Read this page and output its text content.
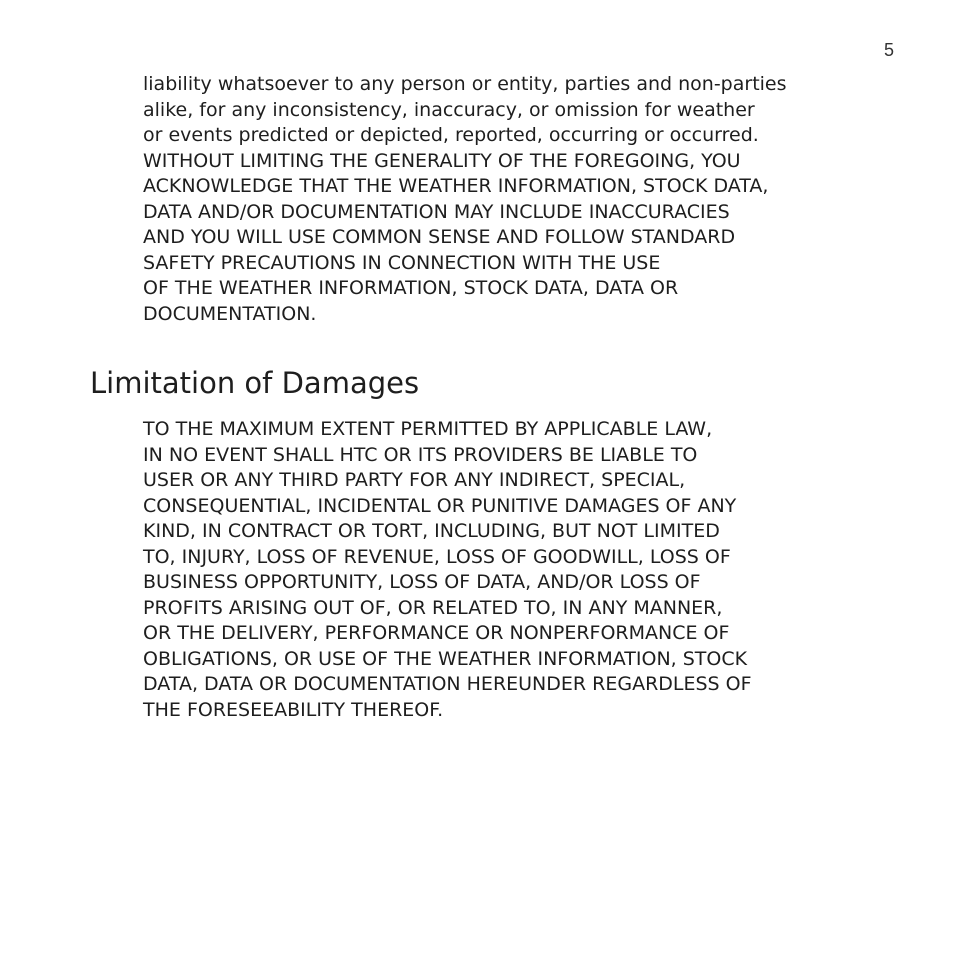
5

liability whatsoever to any person or entity, parties and non-parties
alike, for any inconsistency, inaccuracy, or omission for weather
or events predicted or depicted, reported, occurring or occurred.
WITHOUT LIMITING THE GENERALITY OF THE FOREGOING, YOU
ACKNOWLEDGE THAT THE WEATHER INFORMATION, STOCK DATA,
DATA AND/OR DOCUMENTATION MAY INCLUDE INACCURACIES
AND YOU WILL USE COMMON SENSE AND FOLLOW STANDARD
SAFETY PRECAUTIONS IN CONNECTION WITH THE USE
OF THE WEATHER INFORMATION, STOCK DATA, DATA OR
DOCUMENTATION.

Limitation of Damages

TO THE MAXIMUM EXTENT PERMITTED BY APPLICABLE LAW,
IN NO EVENT SHALL HTC OR ITS PROVIDERS BE LIABLE TO
USER OR ANY THIRD PARTY FOR ANY INDIRECT, SPECIAL,
CONSEQUENTIAL, INCIDENTAL OR PUNITIVE DAMAGES OF ANY
KIND, IN CONTRACT OR TORT, INCLUDING, BUT NOT LIMITED
TO, INJURY, LOSS OF REVENUE, LOSS OF GOODWILL, LOSS OF
BUSINESS OPPORTUNITY, LOSS OF DATA, AND/OR LOSS OF
PROFITS ARISING OUT OF, OR RELATED TO, IN ANY MANNER,
OR THE DELIVERY, PERFORMANCE OR NONPERFORMANCE OF
OBLIGATIONS, OR USE OF THE WEATHER INFORMATION, STOCK
DATA, DATA OR DOCUMENTATION HEREUNDER REGARDLESS OF
THE FORESEEABILITY THEREOF.
